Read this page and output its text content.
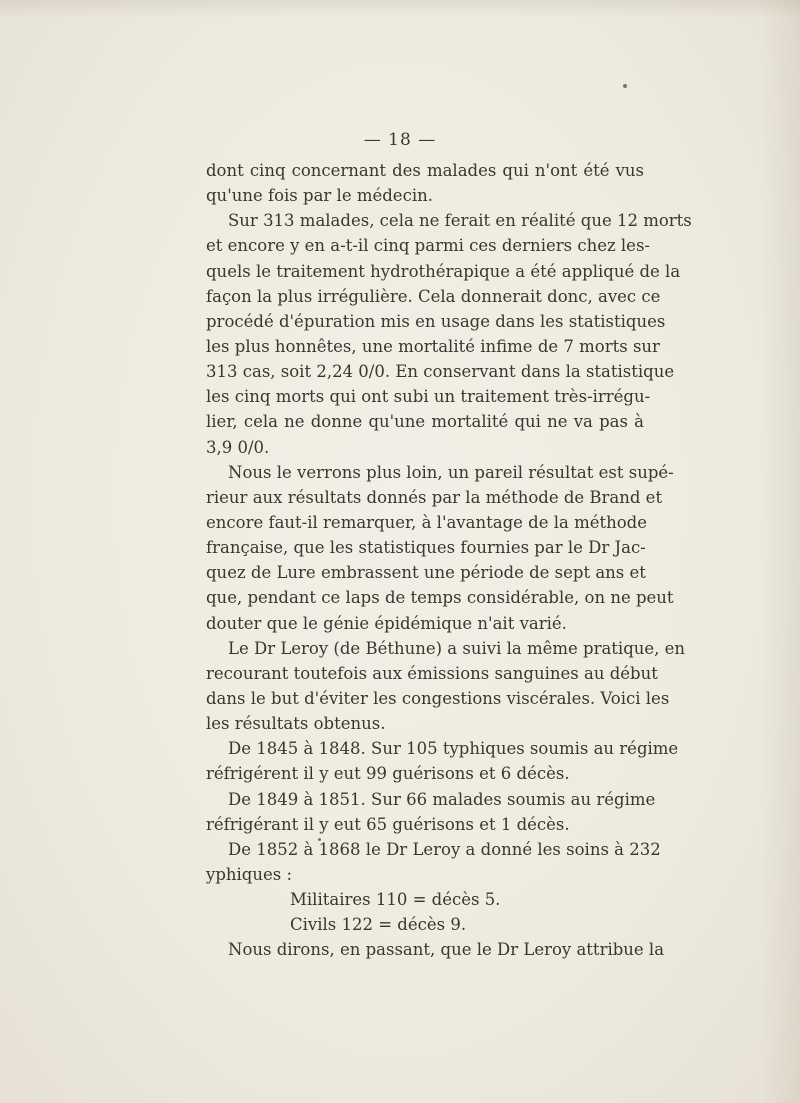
— 18 —
dont cinq concernant des malades qui n'ont été vus
qu'une fois par le médecin.
Sur 313 malades, cela ne ferait en réalité que 12 morts
et encore y en a-t-il cinq parmi ces derniers chez les-
quels le traitement hydrothérapique a été appliqué de la
façon la plus irrégulière. Cela donnerait donc, avec ce
procédé d'épuration mis en usage dans les statistiques
les plus honnêtes, une mortalité infime de 7 morts sur
313 cas, soit 2,24 0/0. En conservant dans la statistique
les cinq morts qui ont subi un traitement très-irrégu-
lier, cela ne donne qu'une mortalité qui ne va pas à
3,9 0/0.
Nous le verrons plus loin, un pareil résultat est supé-
rieur aux résultats donnés par la méthode de Brand et
encore faut-il remarquer, à l'avantage de la méthode
française, que les statistiques fournies par le Dr Jac-
quez de Lure embrassent une période de sept ans et
que, pendant ce laps de temps considérable, on ne peut
douter que le génie épidémique n'ait varié.
Le Dr Leroy (de Béthune) a suivi la même pratique, en
recourant toutefois aux émissions sanguines au début
dans le but d'éviter les congestions viscérales. Voici les
les résultats obtenus.
De 1845 à 1848. Sur 105 typhiques soumis au régime
réfrigérent il y eut 99 guérisons et 6 décès.
De 1849 à 1851. Sur 66 malades soumis au régime
réfrigérant il y eut 65 guérisons et 1 décès.
De 1852 à 1868 le Dr Leroy a donné les soins à 232
yphiques :
Militaires 110 = décès 5.
Civils 122 = décès 9.
Nous dirons, en passant, que le Dr Leroy attribue la
